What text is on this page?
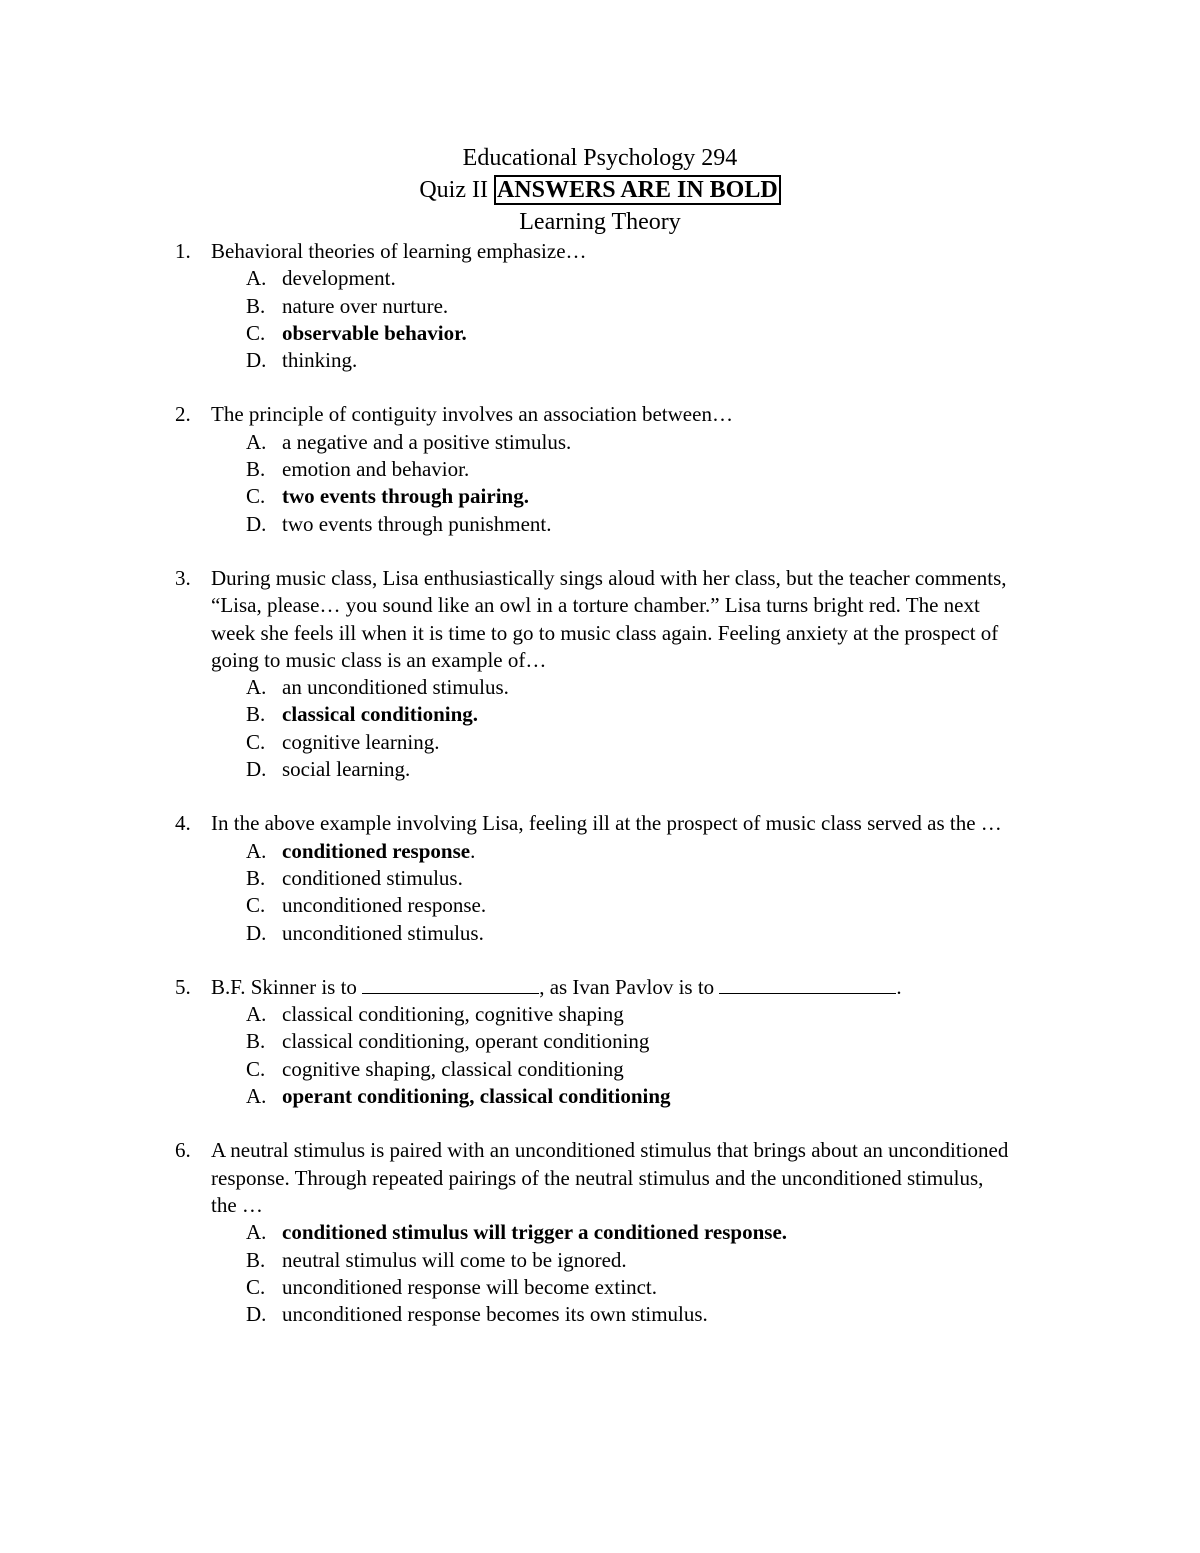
Educational Psychology 294
Quiz II ANSWERS ARE IN BOLD
Learning Theory
1. Behavioral theories of learning emphasize…
A. development.
B. nature over nurture.
C. observable behavior.
D. thinking.
2. The principle of contiguity involves an association between…
A. a negative and a positive stimulus.
B. emotion and behavior.
C. two events through pairing.
D. two events through punishment.
3. During music class, Lisa enthusiastically sings aloud with her class, but the teacher comments, “Lisa, please… you sound like an owl in a torture chamber.” Lisa turns bright red. The next week she feels ill when it is time to go to music class again. Feeling anxiety at the prospect of going to music class is an example of…
A. an unconditioned stimulus.
B. classical conditioning.
C. cognitive learning.
D. social learning.
4. In the above example involving Lisa, feeling ill at the prospect of music class served as the …
A. conditioned response.
B. conditioned stimulus.
C. unconditioned response.
D. unconditioned stimulus.
5. B.F. Skinner is to	, as Ivan Pavlov is to	.
A. classical conditioning, cognitive shaping
B. classical conditioning, operant conditioning
C. cognitive shaping, classical conditioning
A. operant conditioning, classical conditioning
6. A neutral stimulus is paired with an unconditioned stimulus that brings about an unconditioned response. Through repeated pairings of the neutral stimulus and the unconditioned stimulus, the …
A. conditioned stimulus will trigger a conditioned response.
B. neutral stimulus will come to be ignored.
C. unconditioned response will become extinct.
D. unconditioned response becomes its own stimulus.
